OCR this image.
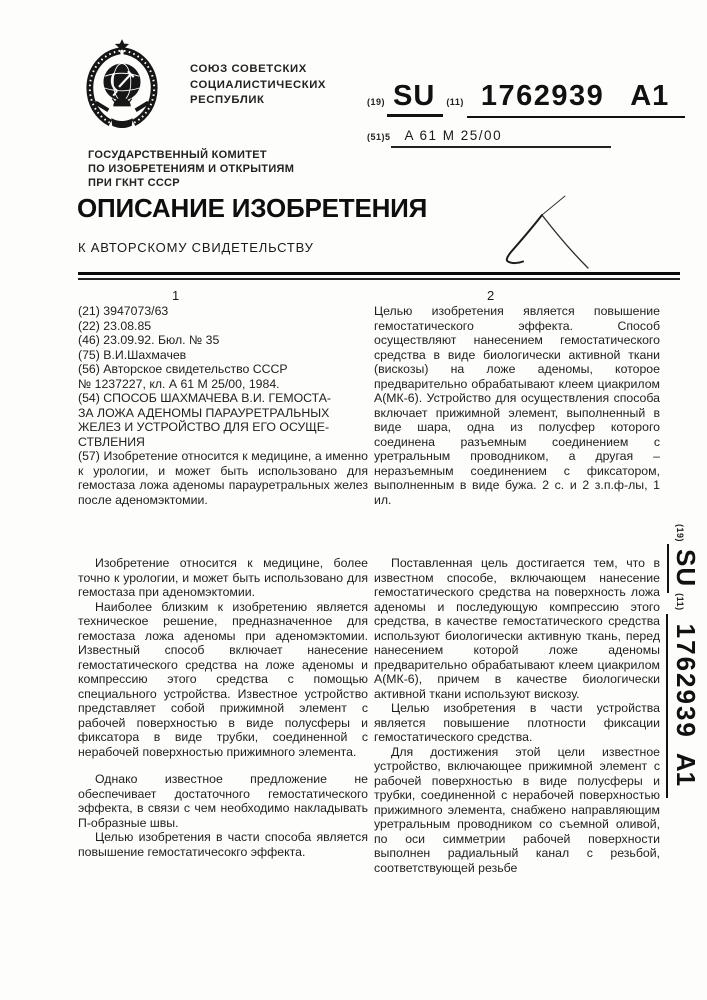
СОЮЗ СОВЕТСКИХ
СОЦИАЛИСТИЧЕСКИХ
РЕСПУБЛИК	(19) SU	(11) 1762939 A1
(51)5	A 61 M 25/00
ГОСУДАРСТВЕННЫЙ КОМИТЕТ
ПО ИЗОБРЕТЕНИЯМ И ОТКРЫТИЯМ
ПРИ ГКНТ СССР
ОПИСАНИЕ ИЗОБРЕТЕНИЯ
К АВТОРСКОМУ СВИДЕТЕЛЬСТВУ
1	2
(21) 3947073/63
(22) 23.08.85
(46) 23.09.92. Бюл. № 35
(75) В.И.Шахмачев
(56) Авторское свидетельство СССР
№ 1237227, кл. А 61 М 25/00, 1984.
(54) СПОСОБ ШАХМАЧЕВА В.И. ГЕМОСТА-
ЗА ЛОЖА АДЕНОМЫ ПАРАУРЕТРАЛЬНЫХ
ЖЕЛЕЗ И УСТРОЙСТВО ДЛЯ ЕГО ОСУЩЕ-
СТВЛЕНИЯ

(57) Изобретение относится к медицине, а именно к урологии, и может быть использовано для гемостаза ложа аденомы парауретральных желез после аденомэктомии.

Целью изобретения является повышение гемостатического эффекта. Способ осуществляют нанесением гемостатического средства в виде биологически активной ткани (вискозы) на ложе аденомы, которое предварительно обрабатывают клеем циакрилом А(МК-6). Устройство для осуществления способа включает прижимной элемент, выполненный в виде шара, одна из полусфер которого соединена разъемным соединением с уретральным проводником, а другая – неразъемным соединением с фиксатором, выполненным в виде бужа. 2 с. и 2 з.п.ф-лы, 1 ил.

Изобретение относится к медицине, более точно к урологии, и может быть использовано для гемостаза при аденомэктомии.

Наиболее близким к изобретению является техническое решение, предназначенное для гемостаза ложа аденомы при аденомэктомии. Известный способ включает нанесение гемостатического средства на ложе аденомы и компрессию этого средства с помощью специального устройства. Известное устройство представляет собой прижимной элемент с рабочей поверхностью в виде полусферы и фиксатора в виде трубки, соединенной с нерабочей поверхностью прижимного элемента.

Однако известное предложение не обеспечивает достаточного гемостатического эффекта, в связи с чем необходимо накладывать П-образные швы.

Целью изобретения в части способа является повышение гемостатичесокго эффекта.

Поставленная цель достигается тем, что в известном способе, включающем нанесение гемостатического средства на поверхность ложа аденомы и последующую компрессию этого средства, в качестве гемостатического средства используют биологически активную ткань, перед нанесением которой ложе аденомы предварительно обрабатывают клеем циакрилом А(МК-6), причем в качестве биологически активной ткани используют вискозу.

Целью изобретения в части устройства является повышение плотности фиксации гемостатического средства.

Для достижения этой цели известное устройство, включающее прижимной элемент с рабочей поверхностью в виде полусферы и трубки, соединенной с нерабочей поверхностью прижимного элемента, снабжено направляющим уретральным проводником со съемной оливой, по оси симметрии рабочей поверхности выполнен радиальный канал с резьбой, соответствующей резьбе

(19)
SU
(11)
1762939
A1
